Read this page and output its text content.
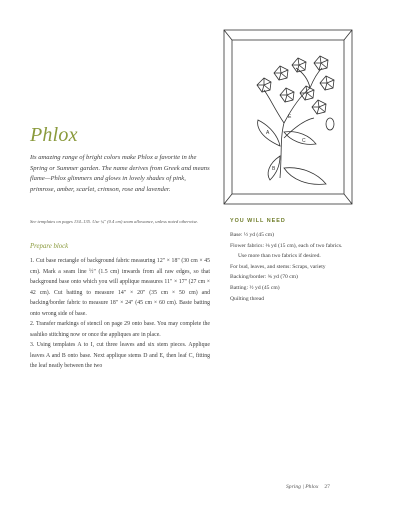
A
B
C
E
Phlox
Its amazing range of bright colors make Phlox a favorite in the Spring or Summer garden. The name derives from Greek and means flame—Phlox glimmers and glows in lovely shades of pink, primrose, amber, scarlet, crimson, rose and lavender.
See templates on pages 134–135. Use ¼" (0.4 cm) seam allowance, unless noted otherwise.
Prepare block

1. Cut base rectangle of background fabric measuring 12" × 18" (30 cm × 45 cm). Mark a seam line ½" (1.5 cm) inwards from all raw edges, so that background base onto which you will applique measures 11" × 17" (27 cm × 42 cm). Cut batting to measure 14" × 20" (35 cm × 50 cm) and backing/border fabric to measure 18" × 24" (45 cm × 60 cm). Baste batting onto wrong side of base.

2. Transfer markings of stencil on page 29 onto base. You may complete the sashiko stitching now or once the appliques are in place.

3. Using templates A to I, cut three leaves and six stem pieces. Applique leaves A and B onto base. Next applique stems D and E, then leaf C, fitting the leaf neatly between the two

YOU WILL NEED
Base: ½ yd (45 cm)
Flower fabrics: ⅛ yd (15 cm), each of two fabrics.
Use more than two fabrics if desired.
For bud, leaves, and stems: Scraps, variety
Backing/border: ¾ yd (70 cm)
Batting: ½ yd (45 cm)
Quilting thread
Spring | Phlox 27
